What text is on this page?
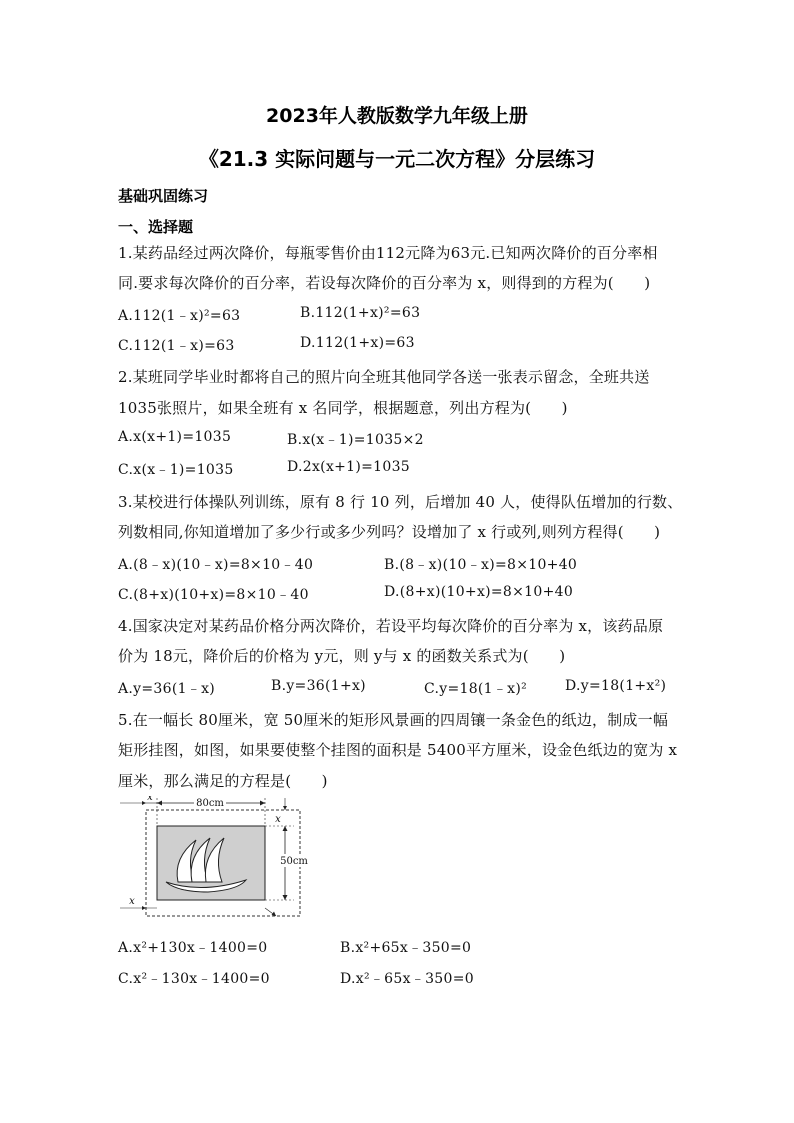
2023年人教版数学九年级上册
《21.3 实际问题与一元二次方程》分层练习
基础巩固练习
一、选择题
1.某药品经过两次降价，每瓶零售价由112元降为63元.已知两次降价的百分率相
同.要求每次降价的百分率，若设每次降价的百分率为 x，则得到的方程为(　　)
A.112(1﹣x)²=63	B.112(1+x)²=63
C.112(1﹣x)=63	D.112(1+x)=63
2.某班同学毕业时都将自己的照片向全班其他同学各送一张表示留念，全班共送
1035张照片，如果全班有 x 名同学，根据题意，列出方程为(　　)
A.x(x+1)=1035	B.x(x﹣1)=1035×2
C.x(x﹣1)=1035	D.2x(x+1)=1035
3.某校进行体操队列训练，原有 8 行 10 列，后增加 40 人，使得队伍增加的行数、
列数相同,你知道增加了多少行或多少列吗？设增加了 x 行或列,则列方程得(　　)
A.(8﹣x)(10﹣x)=8×10﹣40	B.(8﹣x)(10﹣x)=8×10+40
C.(8+x)(10+x)=8×10﹣40	D.(8+x)(10+x)=8×10+40
4.国家决定对某药品价格分两次降价，若设平均每次降价的百分率为 x，该药品原
价为 18元，降价后的价格为 y元，则 y与 x 的函数关系式为(　　)
A.y=36(1﹣x)	B.y=36(1+x)	C.y=18(1﹣x)²	D.y=18(1+x²)
5.在一幅长 80厘米，宽 50厘米的矩形风景画的四周镶一条金色的纸边，制成一幅
矩形挂图，如图，如果要使整个挂图的面积是 5400平方厘米，设金色纸边的宽为 x
厘米，那么满足的方程是(　　)
80cm
x
50cm
x
x
A.x²+130x﹣1400=0	B.x²+65x﹣350=0
C.x²﹣130x﹣1400=0	D.x²﹣65x﹣350=0
